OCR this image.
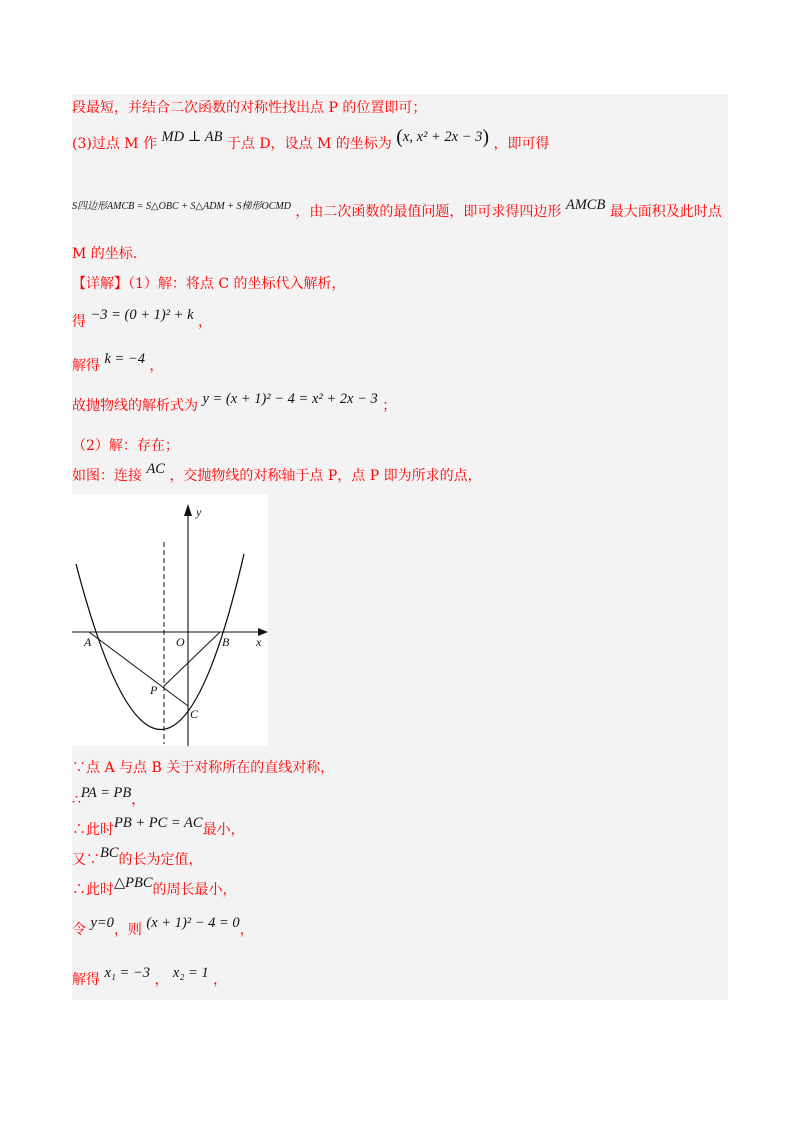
段最短，并结合二次函数的对称性找出点 P 的位置即可；
(3)过点 M 作 MD ⊥ AB 于点 D，设点 M 的坐标为 (x, x² + 2x − 3) ，即可得
$^{S四边形AMCB = S\triangle OBC + S\triangle ADM + S梯形OCMD}$ ，由二次函数的最值问题，即可求得四边形 AMCB 最大面积及此时点
M 的坐标.
【详解】（1）解：将点 C 的坐标代入解析，
得 −3 = (0 + 1)² + k ，
解得 k = −4 ，
故抛物线的解析式为 y = (x + 1)² − 4 = x² + 2x − 3 ；
（2）解：存在；
如图：连接 AC ，交抛物线的对称轴于点 P，点 P 即为所求的点，
y
x
O
A	B
P
C
∵点 A 与点 B 关于对称所在的直线对称，
∴PA = PB，
∴此时PB + PC = AC最小，
又∵BC的长为定值，
∴此时△PBC的周长最小，
令 y=0，则 (x + 1)² − 4 = 0，
解得 x₁ = −3 ， x₂ = 1 ，
